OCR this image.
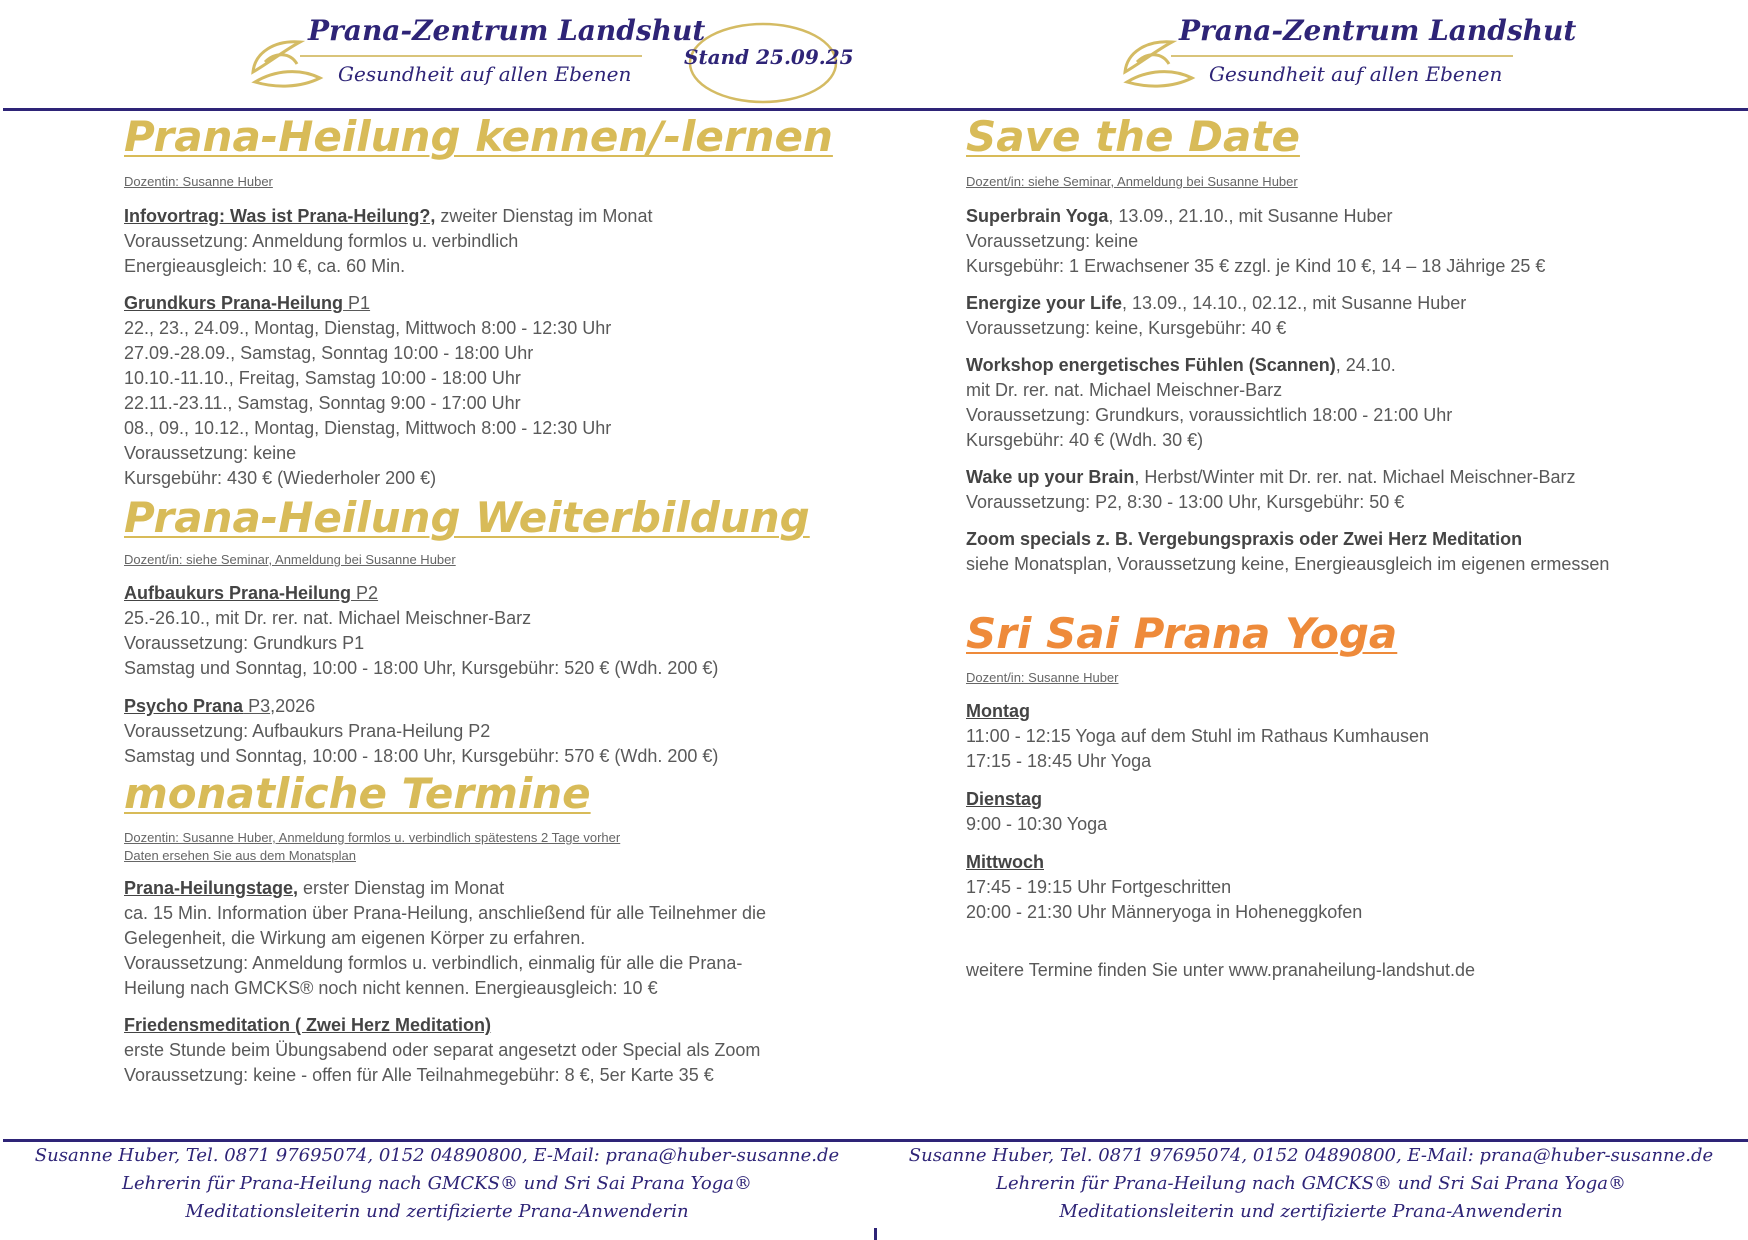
Prana-Zentrum Landshut
Gesundheit auf allen Ebenen
Stand 25.09.25
Prana-Zentrum Landshut
Gesundheit auf allen Ebenen
Prana-Heilung kennen/-lernen
Dozentin: Susanne Huber
Infovortrag: Was ist Prana-Heilung?, zweiter Dienstag im Monat
Voraussetzung: Anmeldung formlos u. verbindlich
Energieausgleich: 10 €, ca. 60 Min.
Grundkurs Prana-Heilung P1
22., 23., 24.09., Montag, Dienstag, Mittwoch 8:00 - 12:30 Uhr
27.09.-28.09., Samstag, Sonntag 10:00 - 18:00 Uhr
10.10.-11.10., Freitag, Samstag 10:00 - 18:00 Uhr
22.11.-23.11., Samstag, Sonntag 9:00 - 17:00 Uhr
08., 09., 10.12., Montag, Dienstag, Mittwoch 8:00 - 12:30 Uhr
Voraussetzung: keine
Kursgebühr: 430 € (Wiederholer 200 €)
Prana-Heilung Weiterbildung
Dozent/in: siehe Seminar, Anmeldung bei Susanne Huber
Aufbaukurs Prana-Heilung P2
25.-26.10., mit Dr. rer. nat. Michael Meischner-Barz
Voraussetzung: Grundkurs P1
Samstag und Sonntag, 10:00 - 18:00 Uhr, Kursgebühr: 520 € (Wdh. 200 €)
Psycho Prana P3,2026
Voraussetzung: Aufbaukurs Prana-Heilung P2
Samstag und Sonntag, 10:00 - 18:00 Uhr, Kursgebühr: 570 € (Wdh. 200 €)
monatliche Termine
Dozentin: Susanne Huber, Anmeldung formlos u. verbindlich spätestens 2 Tage vorher
Daten ersehen Sie aus dem Monatsplan
Prana-Heilungstage, erster Dienstag im Monat
ca. 15 Min. Information über Prana-Heilung, anschließend für alle Teilnehmer die
Gelegenheit, die Wirkung am eigenen Körper zu erfahren.
Voraussetzung: Anmeldung formlos u. verbindlich, einmalig für alle die Prana-
Heilung nach GMCKS® noch nicht kennen. Energieausgleich: 10 €
Friedensmeditation ( Zwei Herz Meditation)
erste Stunde beim Übungsabend oder separat angesetzt oder Special als Zoom
Voraussetzung: keine - offen für Alle Teilnahmegebühr: 8 €, 5er Karte 35 €
Save the Date
Dozent/in: siehe Seminar, Anmeldung bei Susanne Huber
Superbrain Yoga, 13.09., 21.10., mit Susanne Huber
Voraussetzung: keine
Kursgebühr: 1 Erwachsener 35 € zzgl. je Kind 10 €, 14 – 18 Jährige 25 €
Energize your Life, 13.09., 14.10., 02.12., mit Susanne Huber
Voraussetzung: keine, Kursgebühr: 40 €
Workshop energetisches Fühlen (Scannen), 24.10.
mit Dr. rer. nat. Michael Meischner-Barz
Voraussetzung: Grundkurs, voraussichtlich 18:00 - 21:00 Uhr
Kursgebühr: 40 € (Wdh. 30 €)
Wake up your Brain, Herbst/Winter mit Dr. rer. nat. Michael Meischner-Barz
Voraussetzung: P2, 8:30 - 13:00 Uhr, Kursgebühr: 50 €
Zoom specials z. B. Vergebungspraxis oder Zwei Herz Meditation
siehe Monatsplan, Voraussetzung keine, Energieausgleich im eigenen ermessen
Sri Sai Prana Yoga
Dozent/in: Susanne Huber
Montag
11:00 - 12:15 Yoga auf dem Stuhl im Rathaus Kumhausen
17:15 - 18:45 Uhr Yoga
Dienstag
9:00 - 10:30 Yoga
Mittwoch
17:45 - 19:15 Uhr Fortgeschritten
20:00 - 21:30 Uhr Männeryoga in Hoheneggkofen
weitere Termine finden Sie unter www.pranaheilung-landshut.de
Susanne Huber, Tel. 0871 97695074, 0152 04890800, E-Mail: prana@huber-susanne.de
Lehrerin für Prana-Heilung nach GMCKS® und Sri Sai Prana Yoga®
Meditationsleiterin und zertifizierte Prana-Anwenderin
Susanne Huber, Tel. 0871 97695074, 0152 04890800, E-Mail: prana@huber-susanne.de
Lehrerin für Prana-Heilung nach GMCKS® und Sri Sai Prana Yoga®
Meditationsleiterin und zertifizierte Prana-Anwenderin
